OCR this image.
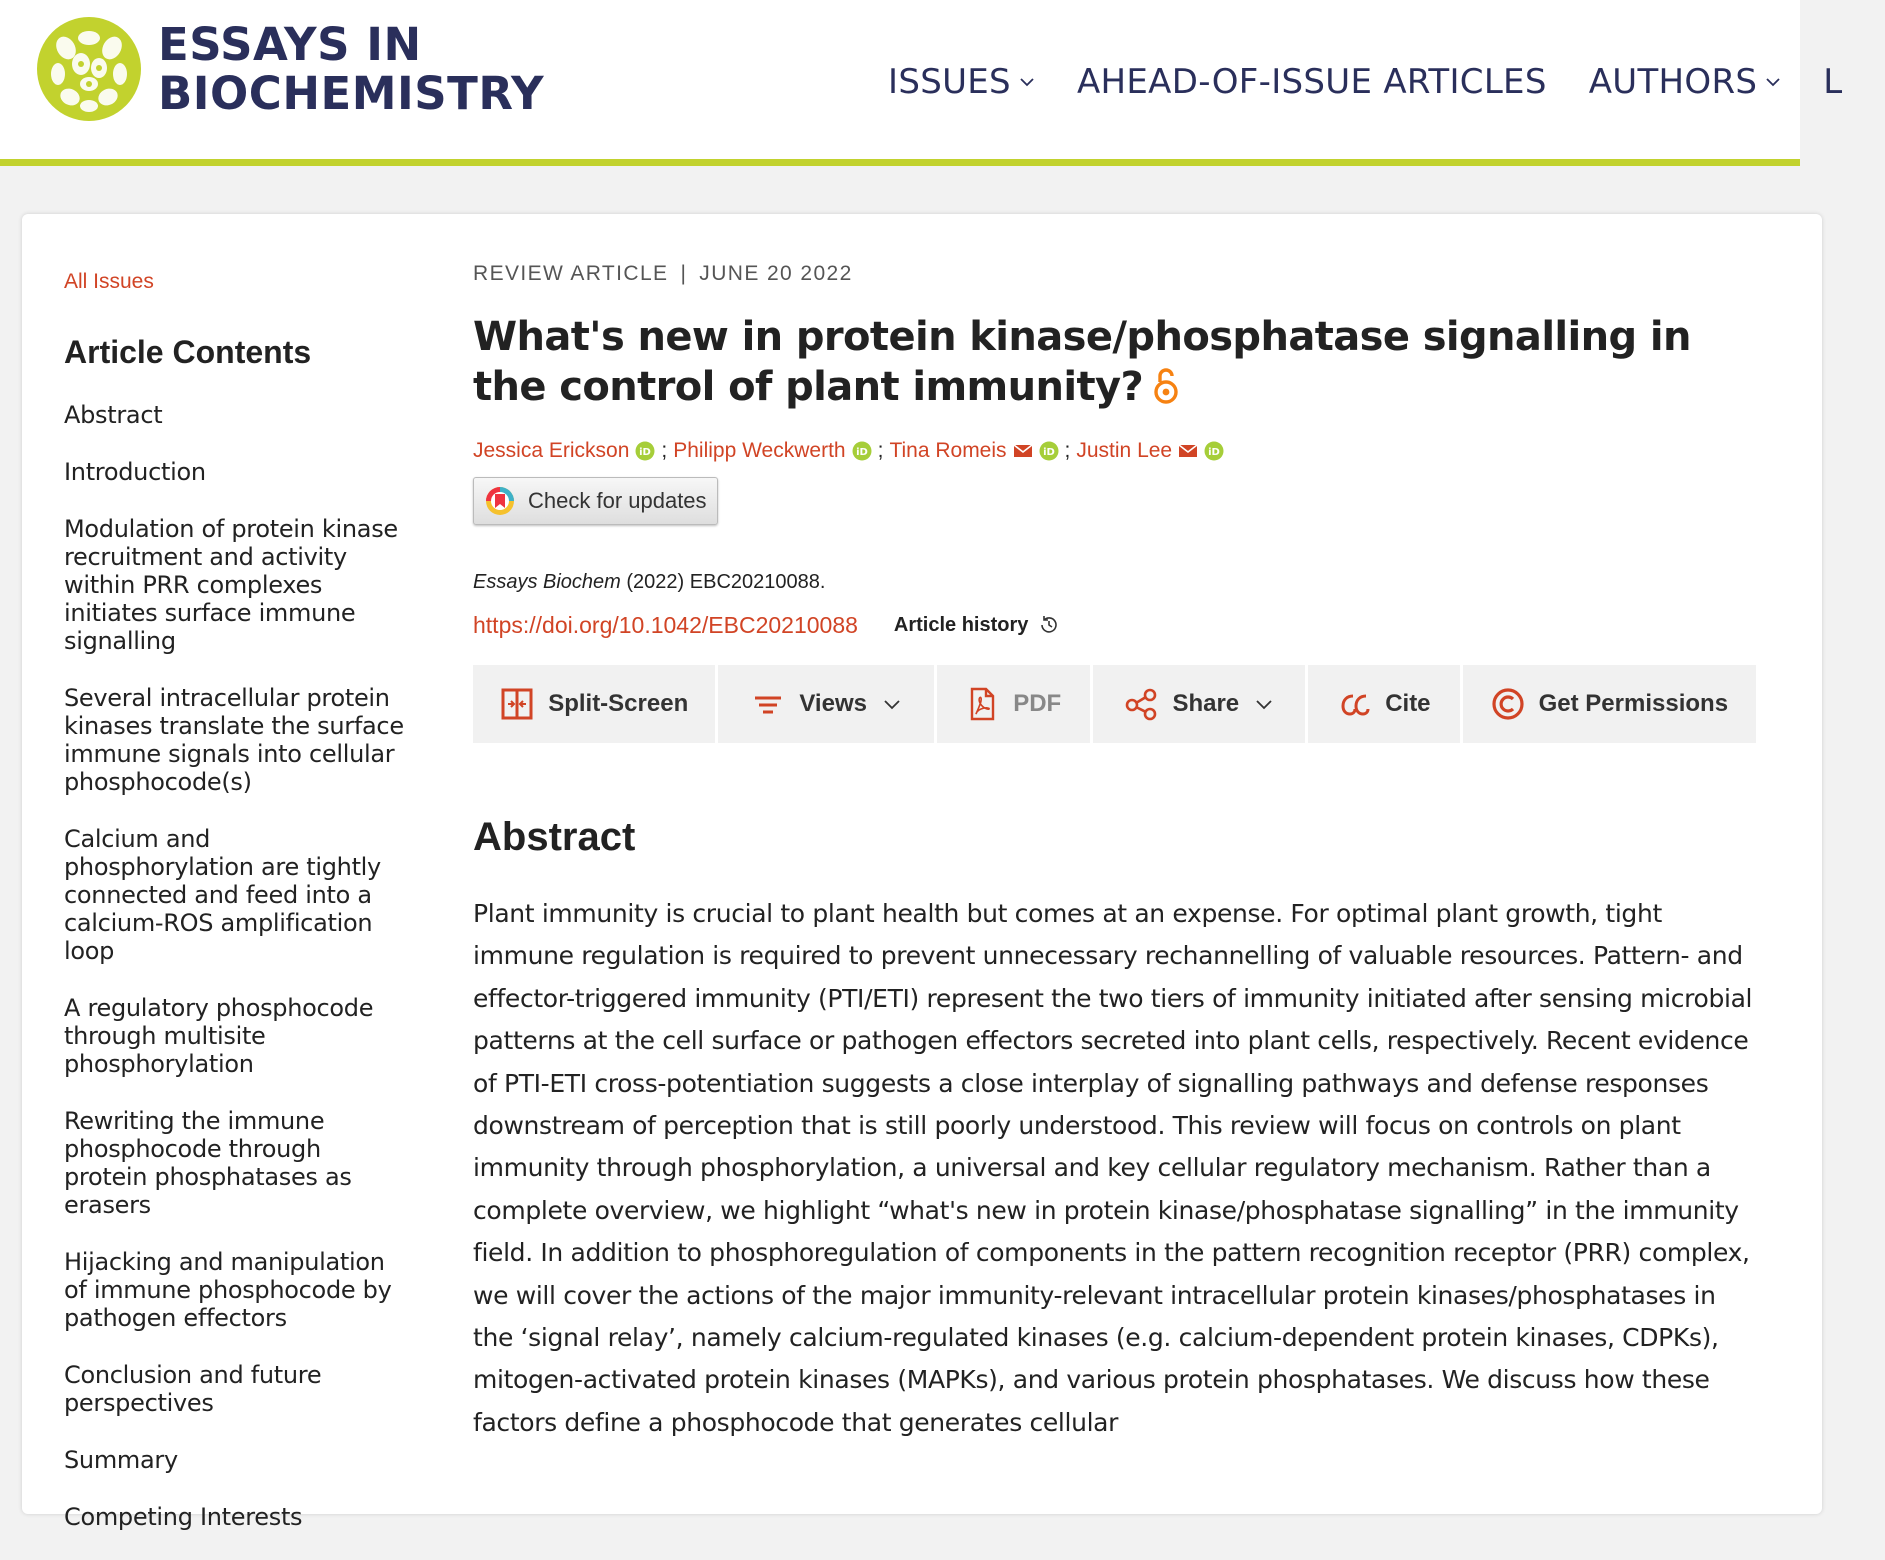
ESSAYS IN
BIOCHEMISTRY	ISSUES AHEAD-OF-ISSUE ARTICLES AUTHORS L
All Issues
Article Contents
Abstract
Introduction
Modulation of protein kinase recruitment and activity within PRR complexes initiates surface immune signalling
Several intracellular protein kinases translate the surface immune signals into cellular phosphocode(s)
Calcium and phosphorylation are tightly connected and feed into a calcium-ROS amplification loop
A regulatory phosphocode through multisite phosphorylation
Rewriting the immune phosphocode through protein phosphatases as erasers
Hijacking and manipulation of immune phosphocode by pathogen effectors
Conclusion and future perspectives
Summary
Competing Interests
REVIEW ARTICLE | JUNE 20 2022
What's new in protein kinase/phosphatase signalling in the control of plant immunity?
Jessica Erickson iD ; Philipp Weckwerth iD ; Tina Romeis	iD ; Justin Lee	iD
Check for updates
Essays Biochem (2022) EBC20210088.
https://doi.org/10.1042/EBC20210088 Article history
Split-Screen	Views	PDF	Share	Cite	Get Permissions
Abstract

Plant immunity is crucial to plant health but comes at an expense. For optimal plant growth, tight immune regulation is required to prevent unnecessary rechannelling of valuable resources. Pattern- and effector-triggered immunity (PTI/ETI) represent the two tiers of immunity initiated after sensing microbial patterns at the cell surface or pathogen effectors secreted into plant cells, respectively. Recent evidence of PTI-ETI cross-potentiation suggests a close interplay of signalling pathways and defense responses downstream of perception that is still poorly understood. This review will focus on controls on plant immunity through phosphorylation, a universal and key cellular regulatory mechanism. Rather than a complete overview, we highlight “what's new in protein kinase/phosphatase signalling” in the immunity field. In addition to phosphoregulation of components in the pattern recognition receptor (PRR) complex, we will cover the actions of the major immunity-relevant intracellular protein kinases/phosphatases in the ‘signal relay’, namely calcium-regulated kinases (e.g. calcium-dependent protein kinases, CDPKs), mitogen-activated protein kinases (MAPKs), and various protein phosphatases. We discuss how these factors define a phosphocode that generates cellular
